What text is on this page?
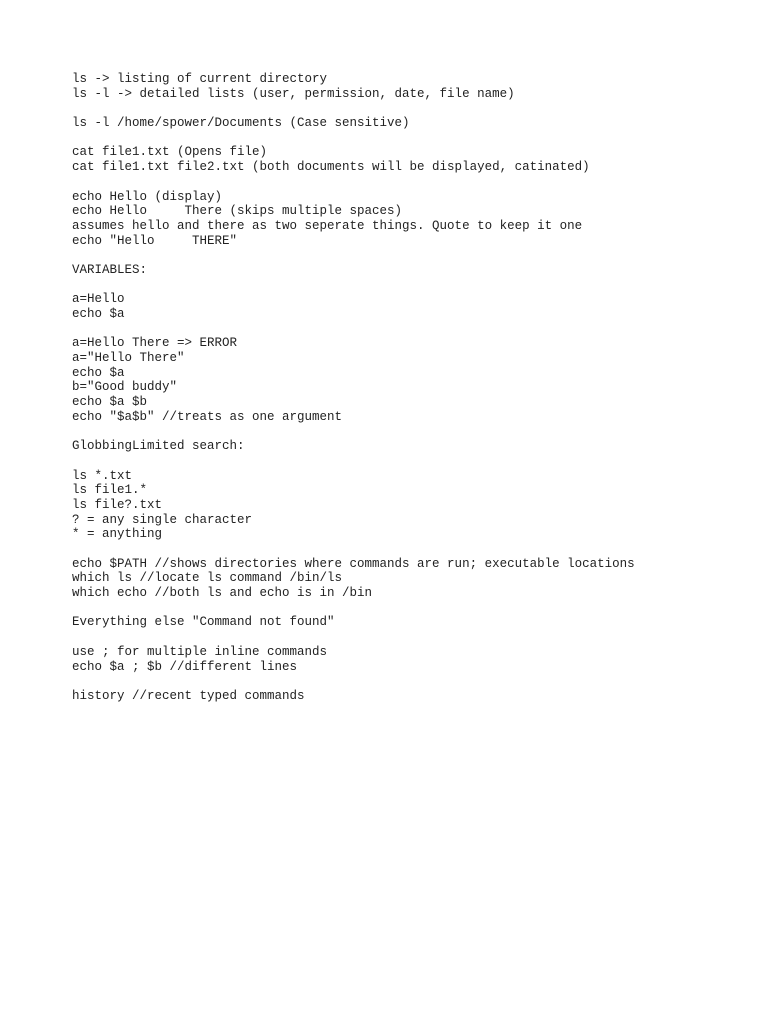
ls -> listing of current directory
ls -l -> detailed lists (user, permission, date, file name)
ls -l /home/spower/Documents (Case sensitive)
cat file1.txt (Opens file)
cat file1.txt file2.txt (both documents will be displayed, catinated)
echo Hello (display)
echo Hello     There (skips multiple spaces)
assumes hello and there as two seperate things. Quote to keep it one
echo "Hello     THERE"
VARIABLES:
a=Hello
echo $a
a=Hello There => ERROR
a="Hello There"
echo $a
b="Good buddy"
echo $a $b
echo "$a$b" //treats as one argument
GlobbingLimited search:
ls *.txt
ls file1.*
ls file?.txt
? = any single character
* = anything
echo $PATH //shows directories where commands are run; executable locations
which ls //locate ls command /bin/ls
which echo //both ls and echo is in /bin
Everything else "Command not found"
use ; for multiple inline commands
echo $a ; $b //different lines
history //recent typed commands
